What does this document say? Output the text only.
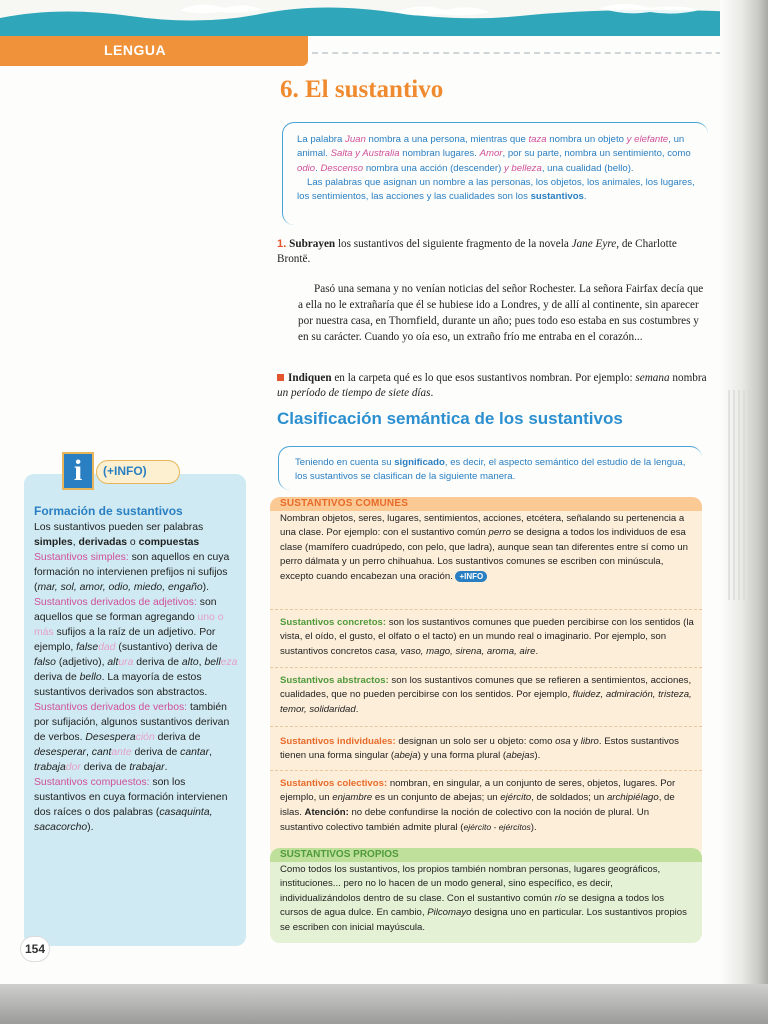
LENGUA
6. El sustantivo
La palabra Juan nombra a una persona, mientras que taza nombra un objeto y elefante, un animal. Salta y Australia nombran lugares. Amor, por su parte, nombra un sentimiento, como odio. Descenso nombra una acción (descender) y belleza, una cualidad (bello).
Las palabras que asignan un nombre a las personas, los objetos, los animales, los lugares, los sentimientos, las acciones y las cualidades son los sustantivos.
1. Subrayen los sustantivos del siguiente fragmento de la novela Jane Eyre, de Charlotte Brontë.

Pasó una semana y no venían noticias del señor Rochester. La señora Fairfax decía que a ella no le extrañaría que él se hubiese ido a Londres, y de allí al continente, sin aparecer por nuestra casa, en Thornfield, durante un año; pues todo eso estaba en sus costumbres y en su carácter. Cuando yo oía eso, un extraño frío me entraba en el corazón...

Indiquen en la carpeta qué es lo que esos sustantivos nombran. Por ejemplo: semana nombra un período de tiempo de siete días.
Clasificación semántica de los sustantivos
Teniendo en cuenta su significado, es decir, el aspecto semántico del estudio de la lengua, los sustantivos se clasifican de la siguiente manera.
SUSTANTIVOS COMUNES
Nombran objetos, seres, lugares, sentimientos, acciones, etcétera, señalando su pertenencia a una clase. Por ejemplo: con el sustantivo común perro se designa a todos los individuos de esa clase (mamífero cuadrúpedo, con pelo, que ladra), aunque sean tan diferentes entre sí como un perro dálmata y un perro chihuahua. Los sustantivos comunes se escriben con minúscula, excepto cuando encabezan una oración. +INFO
Sustantivos concretos: son los sustantivos comunes que pueden percibirse con los sentidos (la vista, el oído, el gusto, el olfato o el tacto) en un mundo real o imaginario. Por ejemplo, son sustantivos concretos casa, vaso, mago, sirena, aroma, aire.
Sustantivos abstractos: son los sustantivos comunes que se refieren a sentimientos, acciones, cualidades, que no pueden percibirse con los sentidos. Por ejemplo, fluidez, admiración, tristeza, temor, solidaridad.
Sustantivos individuales: designan un solo ser u objeto: como osa y libro. Estos sustantivos tienen una forma singular (abeja) y una forma plural (abejas).
Sustantivos colectivos: nombran, en singular, a un conjunto de seres, objetos, lugares. Por ejemplo, un enjambre es un conjunto de abejas; un ejército, de soldados; un archipiélago, de islas. Atención: no debe confundirse la noción de colectivo con la noción de plural. Un sustantivo colectivo también admite plural (ejército - ejércitos).
SUSTANTIVOS PROPIOS
Como todos los sustantivos, los propios también nombran personas, lugares geográficos, instituciones... pero no lo hacen de un modo general, sino específico, es decir, individualizándolos dentro de su clase. Con el sustantivo común río se designa a todos los cursos de agua dulce. En cambio, Pilcomayo designa uno en particular. Los sustantivos propios se escriben con inicial mayúscula.
i	(+INFO)
Formación de sustantivos
Los sustantivos pueden ser palabras simples, derivadas o compuestas
Sustantivos simples: son aquellos en cuya formación no intervienen prefijos ni sufijos (mar, sol, amor, odio, miedo, engaño).
Sustantivos derivados de adjetivos: son aquellos que se forman agregando uno o más sufijos a la raíz de un adjetivo. Por ejemplo, falsedad (sustantivo) deriva de falso (adjetivo), altura deriva de alto, belleza deriva de bello. La mayoría de estos sustantivos derivados son abstractos.
Sustantivos derivados de verbos: también por sufijación, algunos sustantivos derivan de verbos. Desesperación deriva de desesperar, cantante deriva de cantar, trabajador deriva de trabajar.
Sustantivos compuestos: son los sustantivos en cuya formación intervienen dos raíces o dos palabras (casaquinta, sacacorcho).
154
